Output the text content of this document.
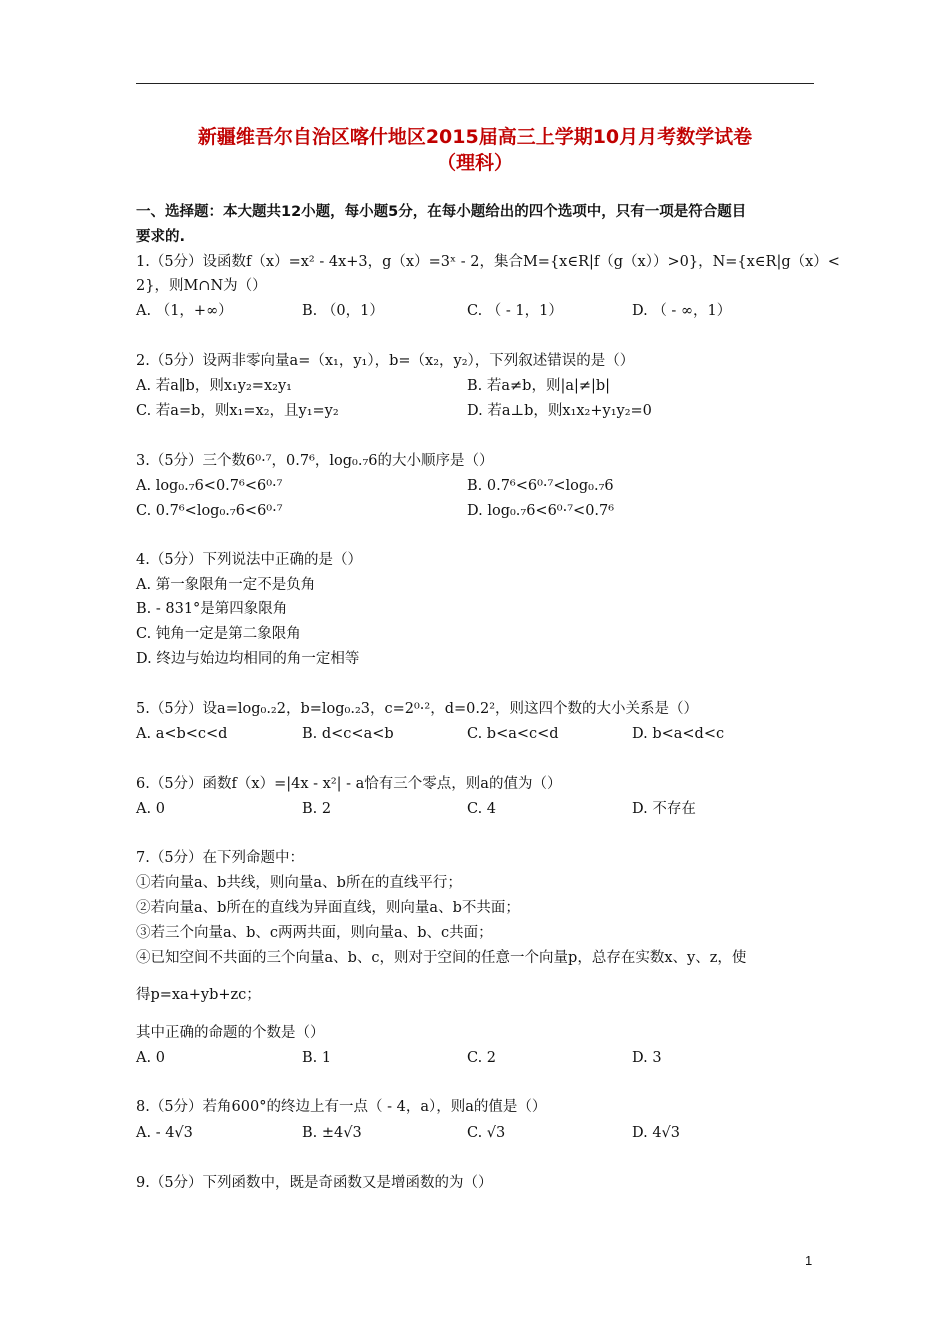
新疆维吾尔自治区喀什地区2015届高三上学期10月月考数学试卷
（理科）
一、选择题：本大题共12小题，每小题5分，在每小题给出的四个选项中，只有一项是符合题目
要求的.
1.（5分）设函数f（x）=x² - 4x+3，g（x）=3ˣ - 2，集合M={x∈R|f（g（x））>0}，N={x∈R|g（x）<
2}，则M∩N为（）
A. （1，+∞）	B. （0，1）	C. （ - 1，1）	D. （ - ∞，1）
2.（5分）设两非零向量a=（x₁，y₁），b=（x₂，y₂），下列叙述错误的是（）
A. 若a∥b，则x₁y₂=x₂y₁	B. 若a≠b，则|a|≠|b|
C. 若a=b，则x₁=x₂，且y₁=y₂	D. 若a⊥b，则x₁x₂+y₁y₂=0
3.（5分）三个数6⁰·⁷，0.7⁶，log₀.₇6的大小顺序是（）
A. log₀.₇6<0.7⁶<6⁰·⁷	B. 0.7⁶<6⁰·⁷<log₀.₇6
C. 0.7⁶<log₀.₇6<6⁰·⁷	D. log₀.₇6<6⁰·⁷<0.7⁶
4.（5分）下列说法中正确的是（）
A. 第一象限角一定不是负角
B. - 831°是第四象限角
C. 钝角一定是第二象限角
D. 终边与始边均相同的角一定相等
5.（5分）设a=log₀.₂2，b=log₀.₂3，c=2⁰·²，d=0.2²，则这四个数的大小关系是（）
A. a<b<c<d	B. d<c<a<b	C. b<a<c<d	D. b<a<d<c
6.（5分）函数f（x）=|4x - x²| - a恰有三个零点，则a的值为（）
A. 0	B. 2	C. 4	D. 不存在
7.（5分）在下列命题中：
①若向量a、b共线，则向量a、b所在的直线平行；
②若向量a、b所在的直线为异面直线，则向量a、b不共面；
③若三个向量a、b、c两两共面，则向量a、b、c共面；
④已知空间不共面的三个向量a、b、c，则对于空间的任意一个向量p，总存在实数x、y、z，使
得p=xa+yb+zc；
其中正确的命题的个数是（）
A. 0	B. 1	C. 2	D. 3
8.（5分）若角600°的终边上有一点（ - 4，a），则a的值是（）
A. - 4√3	B. ±4√3	C. √3	D. 4√3
9.（5分）下列函数中，既是奇函数又是增函数的为（）
1
